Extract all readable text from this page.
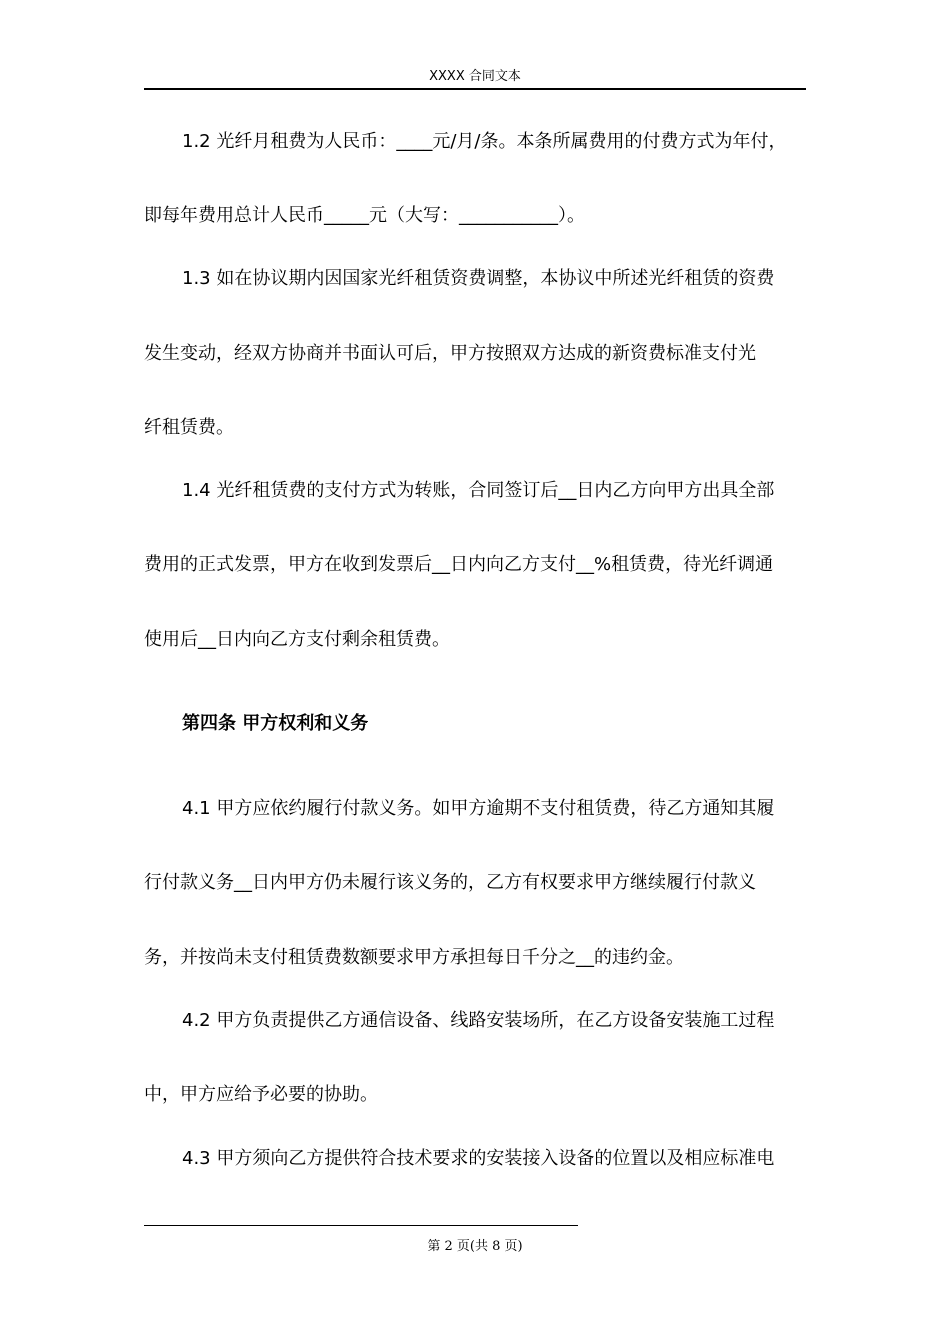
XXXX 合同文本
1.2 光纤月租费为人民币：____元/月/条。本条所属费用的付费方式为年付，
即每年费用总计人民币_____元（大写：___________）。
1.3 如在协议期内因国家光纤租赁资费调整，本协议中所述光纤租赁的资费
发生变动，经双方协商并书面认可后，甲方按照双方达成的新资费标准支付光
纤租赁费。
1.4 光纤租赁费的支付方式为转账，合同签订后__日内乙方向甲方出具全部
费用的正式发票，甲方在收到发票后__日内向乙方支付__%租赁费，待光纤调通
使用后__日内向乙方支付剩余租赁费。
第四条 甲方权利和义务
4.1 甲方应依约履行付款义务。如甲方逾期不支付租赁费，待乙方通知其履
行付款义务__日内甲方仍未履行该义务的，乙方有权要求甲方继续履行付款义
务，并按尚未支付租赁费数额要求甲方承担每日千分之__的违约金。
4.2 甲方负责提供乙方通信设备、线路安装场所，在乙方设备安装施工过程
中，甲方应给予必要的协助。
4.3 甲方须向乙方提供符合技术要求的安装接入设备的位置以及相应标准电
第 2 页(共 8 页)
